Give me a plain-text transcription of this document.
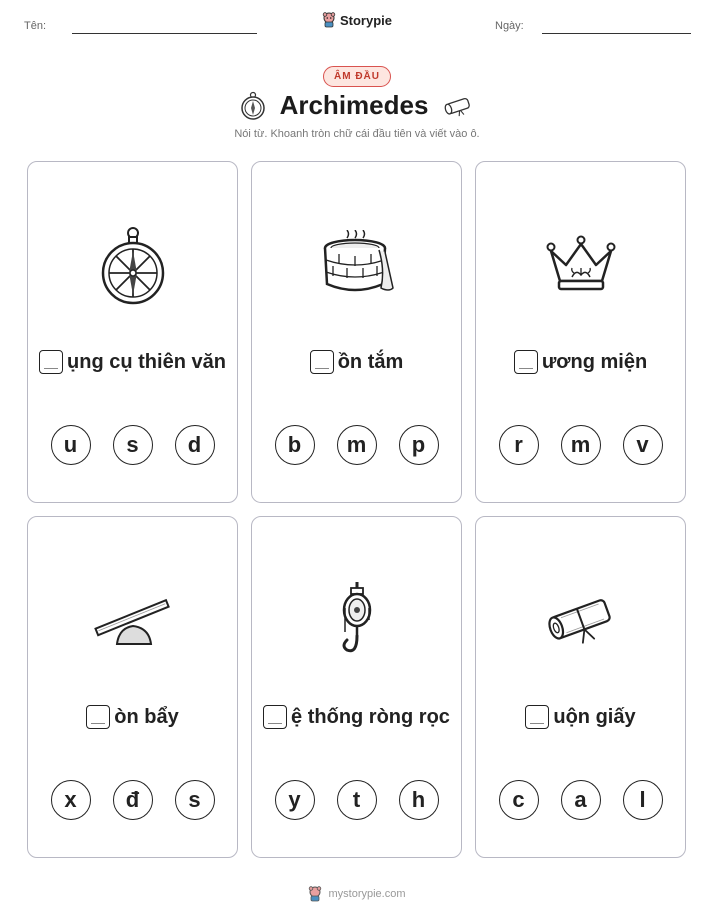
Tên:	Ngày:
Storypie
ÂM ĐẦU
Archimedes
Nói từ. Khoanh tròn chữ cái đầu tiên và viết vào ô.
ụng cụ thiên văn
u	s	d
ồn tắm
b	m	p
ương miện
r	m	v
òn bẩy
x	đ	s
ệ thống ròng rọc
y	t	h
uộn giấy
c	a	l
mystorypie.com
